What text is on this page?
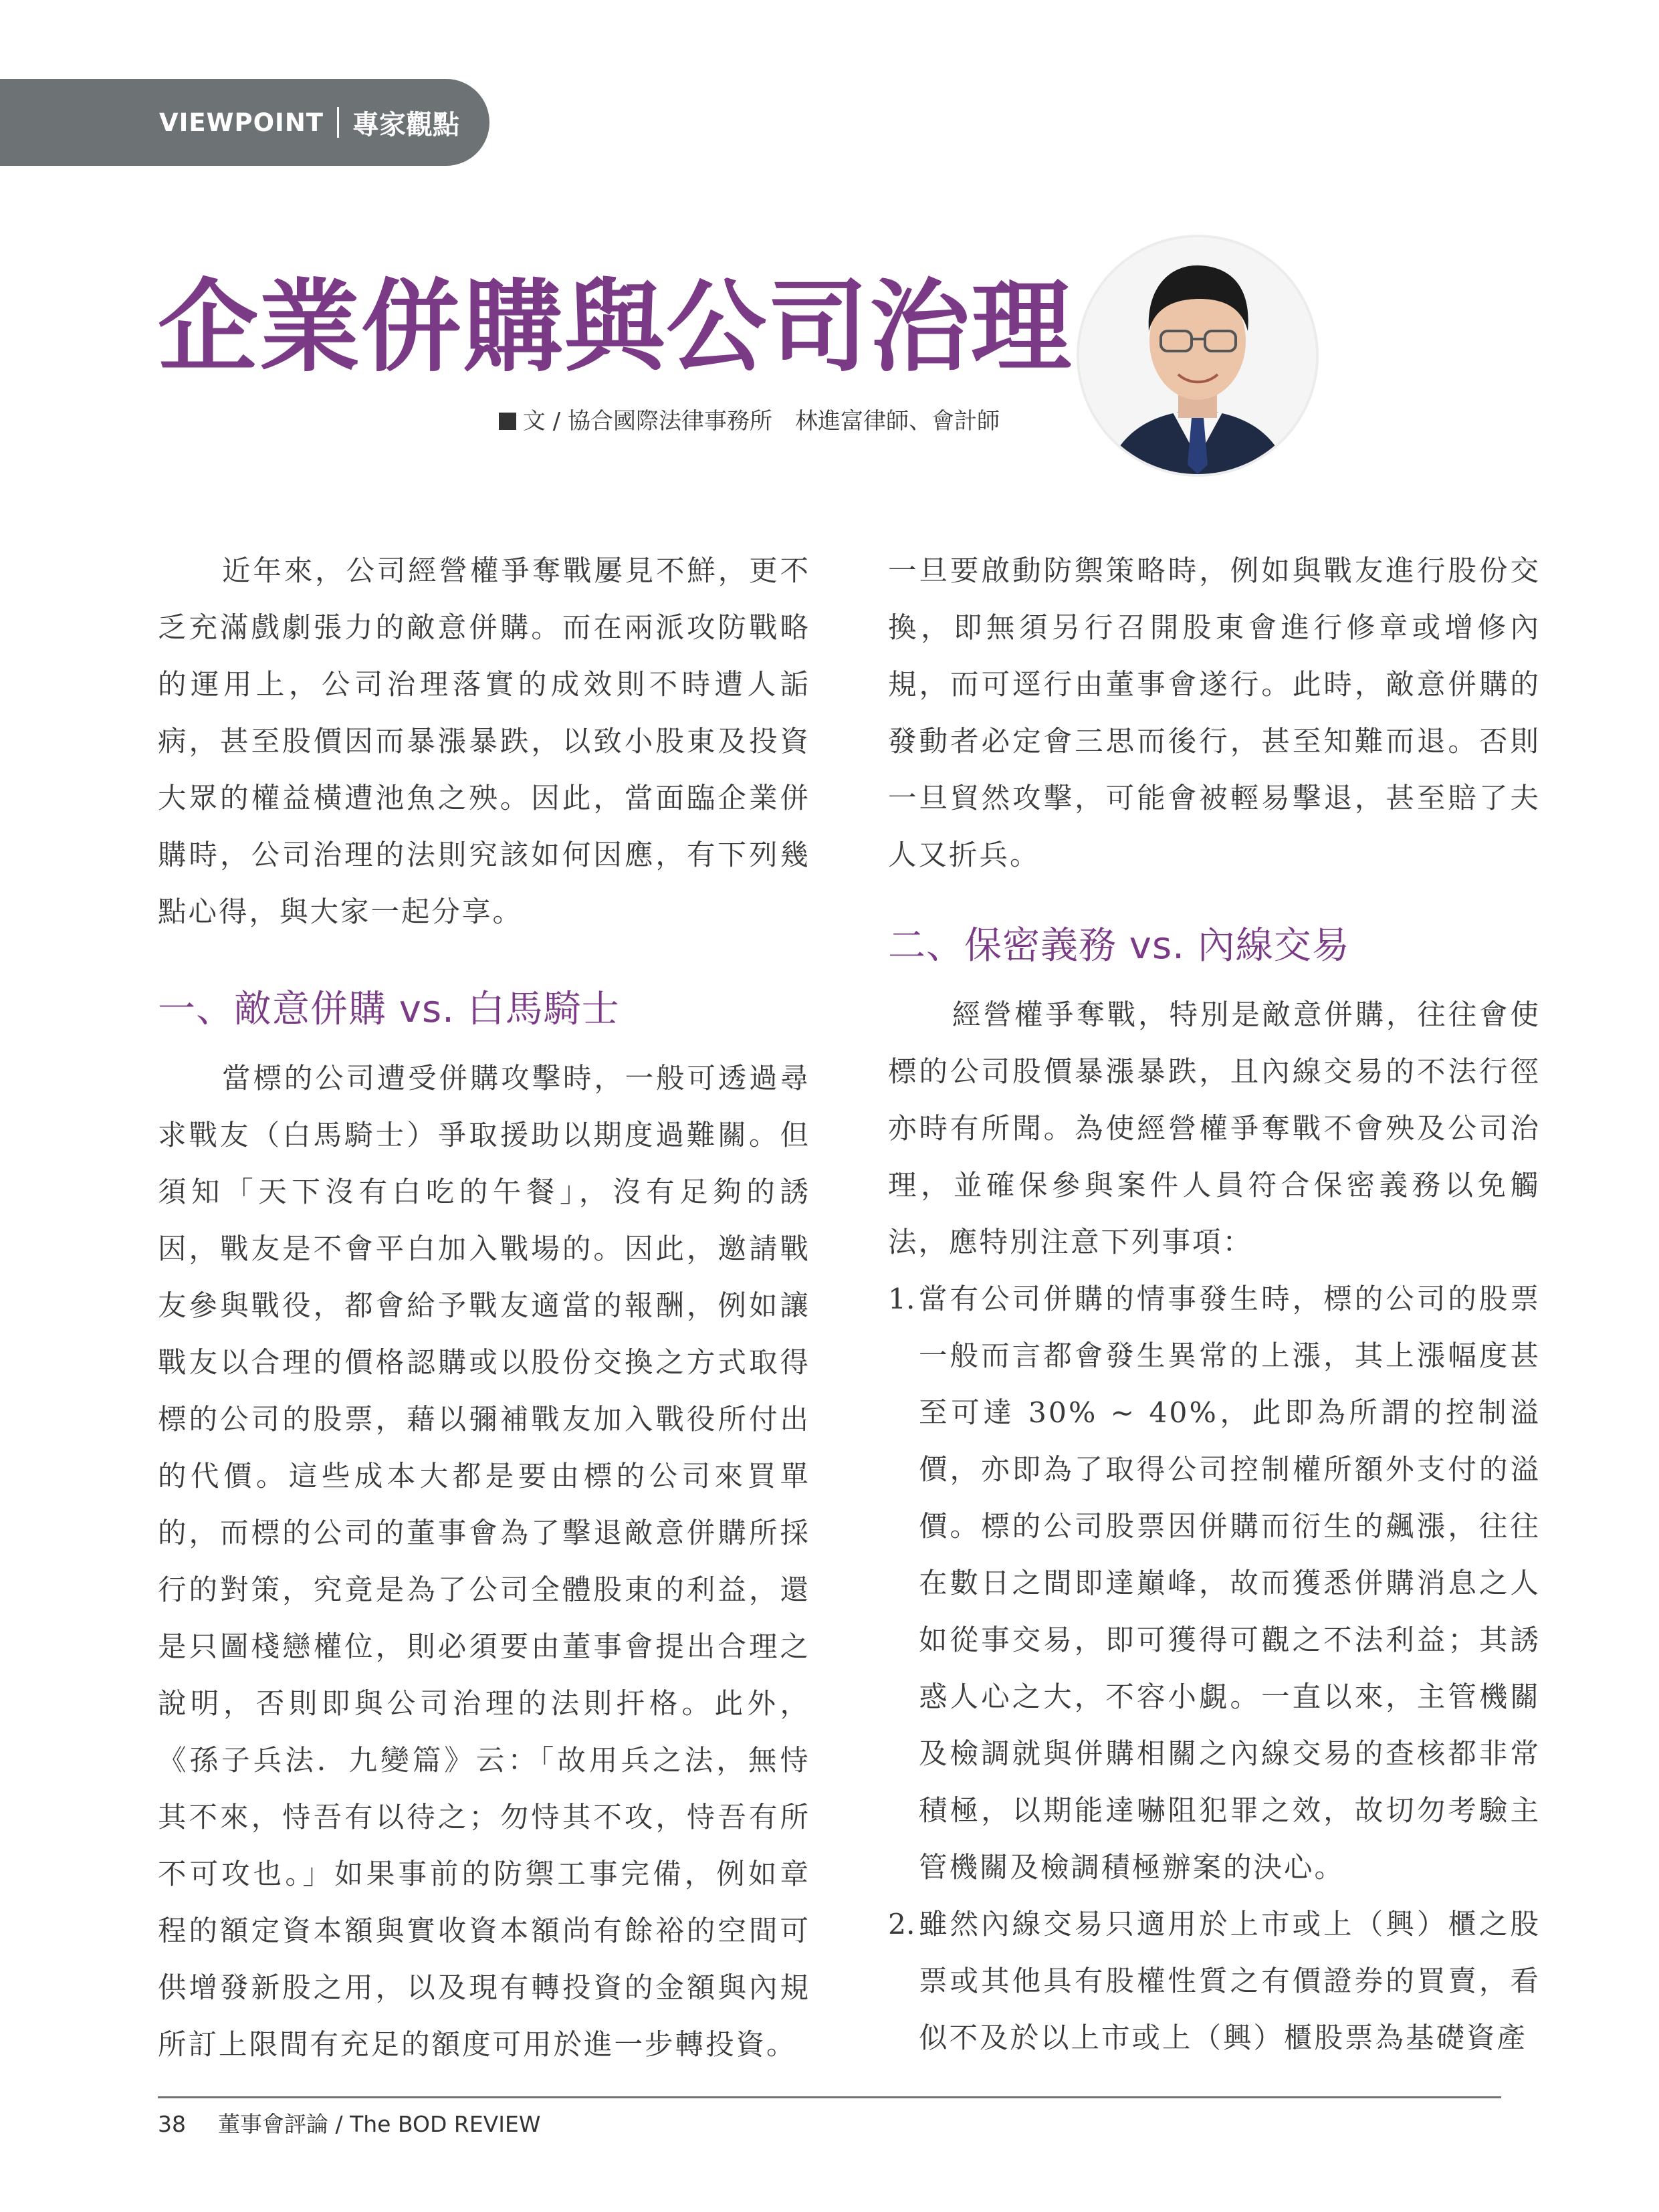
VIEWPOINT 專家觀點
企業併購與公司治理
文 / 協合國際法律事務所　林進富律師、會計師

近年來，公司經營權爭奪戰屢見不鮮，更不乏充滿戲劇張力的敵意併購。而在兩派攻防戰略的運用上，公司治理落實的成效則不時遭人詬病，甚至股價因而暴漲暴跌，以致小股東及投資大眾的權益橫遭池魚之殃。因此，當面臨企業併購時，公司治理的法則究該如何因應，有下列幾點心得，與大家一起分享。

一、敵意併購 vs. 白馬騎士

當標的公司遭受併購攻擊時，一般可透過尋求戰友（白馬騎士）爭取援助以期度過難關。但須知「天下沒有白吃的午餐」，沒有足夠的誘因，戰友是不會平白加入戰場的。因此，邀請戰友參與戰役，都會給予戰友適當的報酬，例如讓戰友以合理的價格認購或以股份交換之方式取得標的公司的股票，藉以彌補戰友加入戰役所付出的代價。這些成本大都是要由標的公司來買單的，而標的公司的董事會為了擊退敵意併購所採行的對策，究竟是為了公司全體股東的利益，還是只圖棧戀權位，則必須要由董事會提出合理之說明，否則即與公司治理的法則扞格。此外，《孫子兵法．九變篇》云：「故用兵之法，無恃其不來，恃吾有以待之；勿恃其不攻，恃吾有所不可攻也。」如果事前的防禦工事完備，例如章程的額定資本額與實收資本額尚有餘裕的空間可供增發新股之用，以及現有轉投資的金額與內規所訂上限間有充足的額度可用於進一步轉投資。

一旦要啟動防禦策略時，例如與戰友進行股份交換，即無須另行召開股東會進行修章或增修內規，而可逕行由董事會遂行。此時，敵意併購的發動者必定會三思而後行，甚至知難而退。否則一旦貿然攻擊，可能會被輕易擊退，甚至賠了夫人又折兵。

二、保密義務 vs. 內線交易

經營權爭奪戰，特別是敵意併購，往往會使標的公司股價暴漲暴跌，且內線交易的不法行徑亦時有所聞。為使經營權爭奪戰不會殃及公司治理，並確保參與案件人員符合保密義務以免觸法，應特別注意下列事項：

1. 當有公司併購的情事發生時，標的公司的股票一般而言都會發生異常的上漲，其上漲幅度甚至可達 30% ~ 40%，此即為所謂的控制溢價，亦即為了取得公司控制權所額外支付的溢價。標的公司股票因併購而衍生的飆漲，往往在數日之間即達巔峰，故而獲悉併購消息之人如從事交易，即可獲得可觀之不法利益；其誘惑人心之大，不容小覷。一直以來，主管機關及檢調就與併購相關之內線交易的查核都非常積極，以期能達嚇阻犯罪之效，故切勿考驗主管機關及檢調積極辦案的決心。

2. 雖然內線交易只適用於上市或上（興）櫃之股票或其他具有股權性質之有價證券的買賣，看似不及於以上市或上（興）櫃股票為基礎資產

38 董事會評論 / The BOD REVIEW
